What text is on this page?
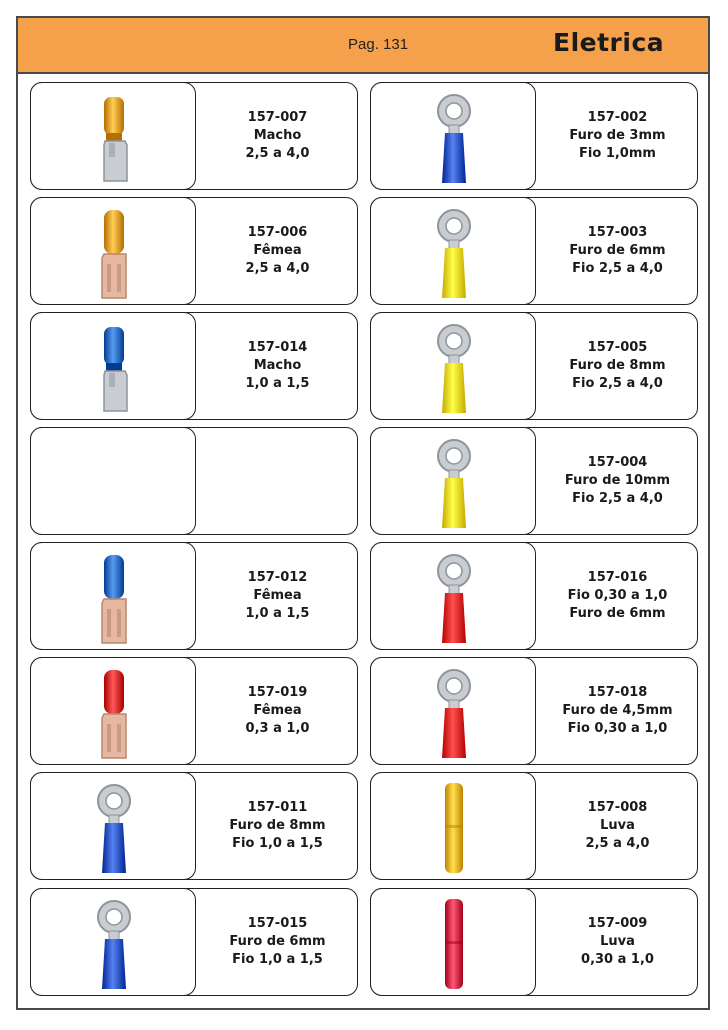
Pag. 131	Eletrica
157-007
Macho
2,5 a 4,0
157-006
Fêmea
2,5 a 4,0
157-014
Macho
1,0 a 1,5
157-012
Fêmea
1,0 a 1,5
157-019
Fêmea
0,3 a 1,0
157-011
Furo de 8mm
Fio 1,0 a 1,5
157-015
Furo de 6mm
Fio 1,0 a 1,5
157-002
Furo de 3mm
Fio 1,0mm
157-003
Furo de 6mm
Fio 2,5 a 4,0
157-005
Furo de 8mm
Fio 2,5 a 4,0
157-004
Furo de 10mm
Fio 2,5 a 4,0
157-016
Fio 0,30 a 1,0
Furo de 6mm
157-018
Furo de 4,5mm
Fio 0,30 a 1,0
157-008
Luva
2,5 a 4,0
157-009
Luva
0,30 a 1,0
